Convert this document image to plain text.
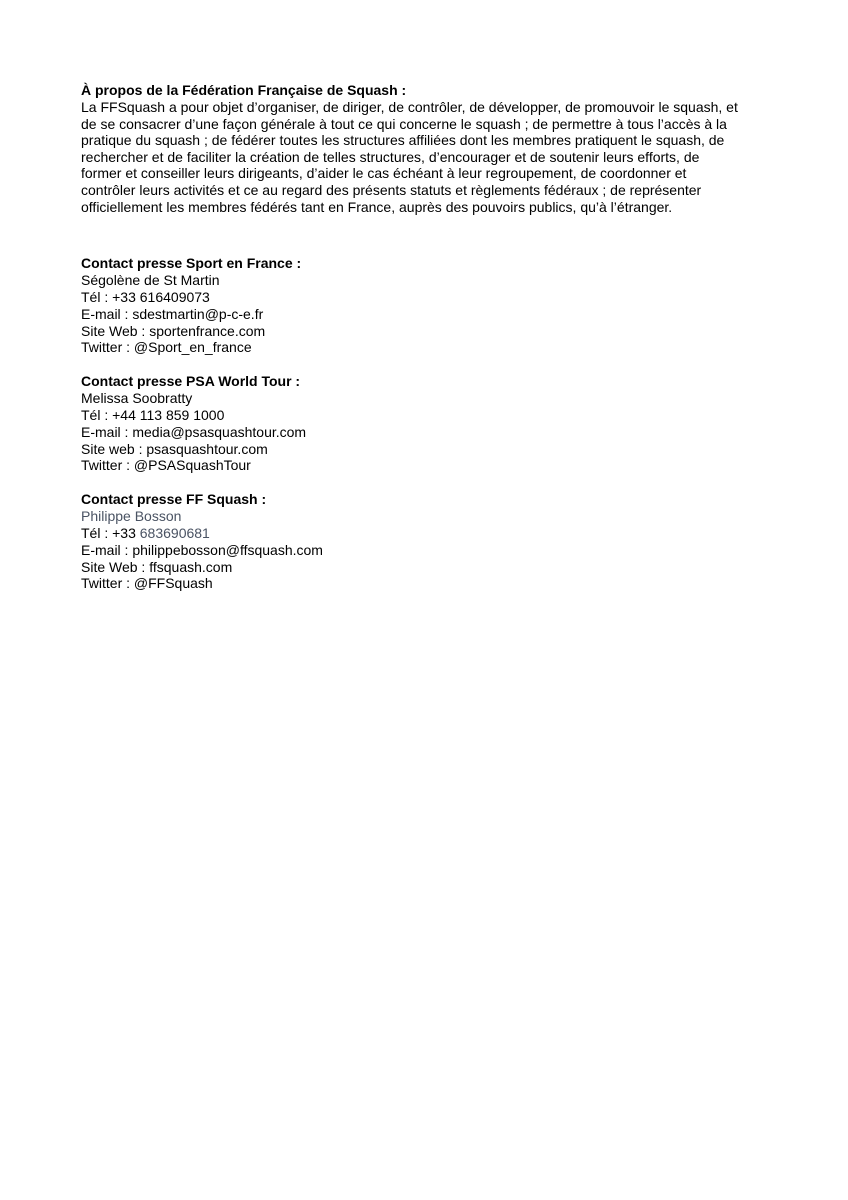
À propos de la Fédération Française de Squash :
La FFSquash a pour objet d’organiser, de diriger, de contrôler, de développer, de promouvoir le squash, et
de se consacrer d’une façon générale à tout ce qui concerne le squash ; de permettre à tous l’accès à la
pratique du squash ; de fédérer toutes les structures affiliées dont les membres pratiquent le squash, de
rechercher et de faciliter la création de telles structures, d’encourager et de soutenir leurs efforts, de
former et conseiller leurs dirigeants, d’aider le cas échéant à leur regroupement, de coordonner et
contrôler leurs activités et ce au regard des présents statuts et règlements fédéraux ; de représenter
officiellement les membres fédérés tant en France, auprès des pouvoirs publics, qu’à l’étranger.
Contact presse Sport en France :
Ségolène de St Martin
Tél : +33 616409073
E-mail : sdestmartin@p-c-e.fr
Site Web : sportenfrance.com
Twitter : @Sport_en_france
Contact presse PSA World Tour :
Melissa Soobratty
Tél : +44 113 859 1000
E-mail : media@psasquashtour.com
Site web : psasquashtour.com
Twitter : @PSASquashTour
Contact presse FF Squash :
Philippe Bosson
Tél : +33 683690681
E-mail : philippebosson@ffsquash.com
Site Web : ffsquash.com
Twitter : @FFSquash
